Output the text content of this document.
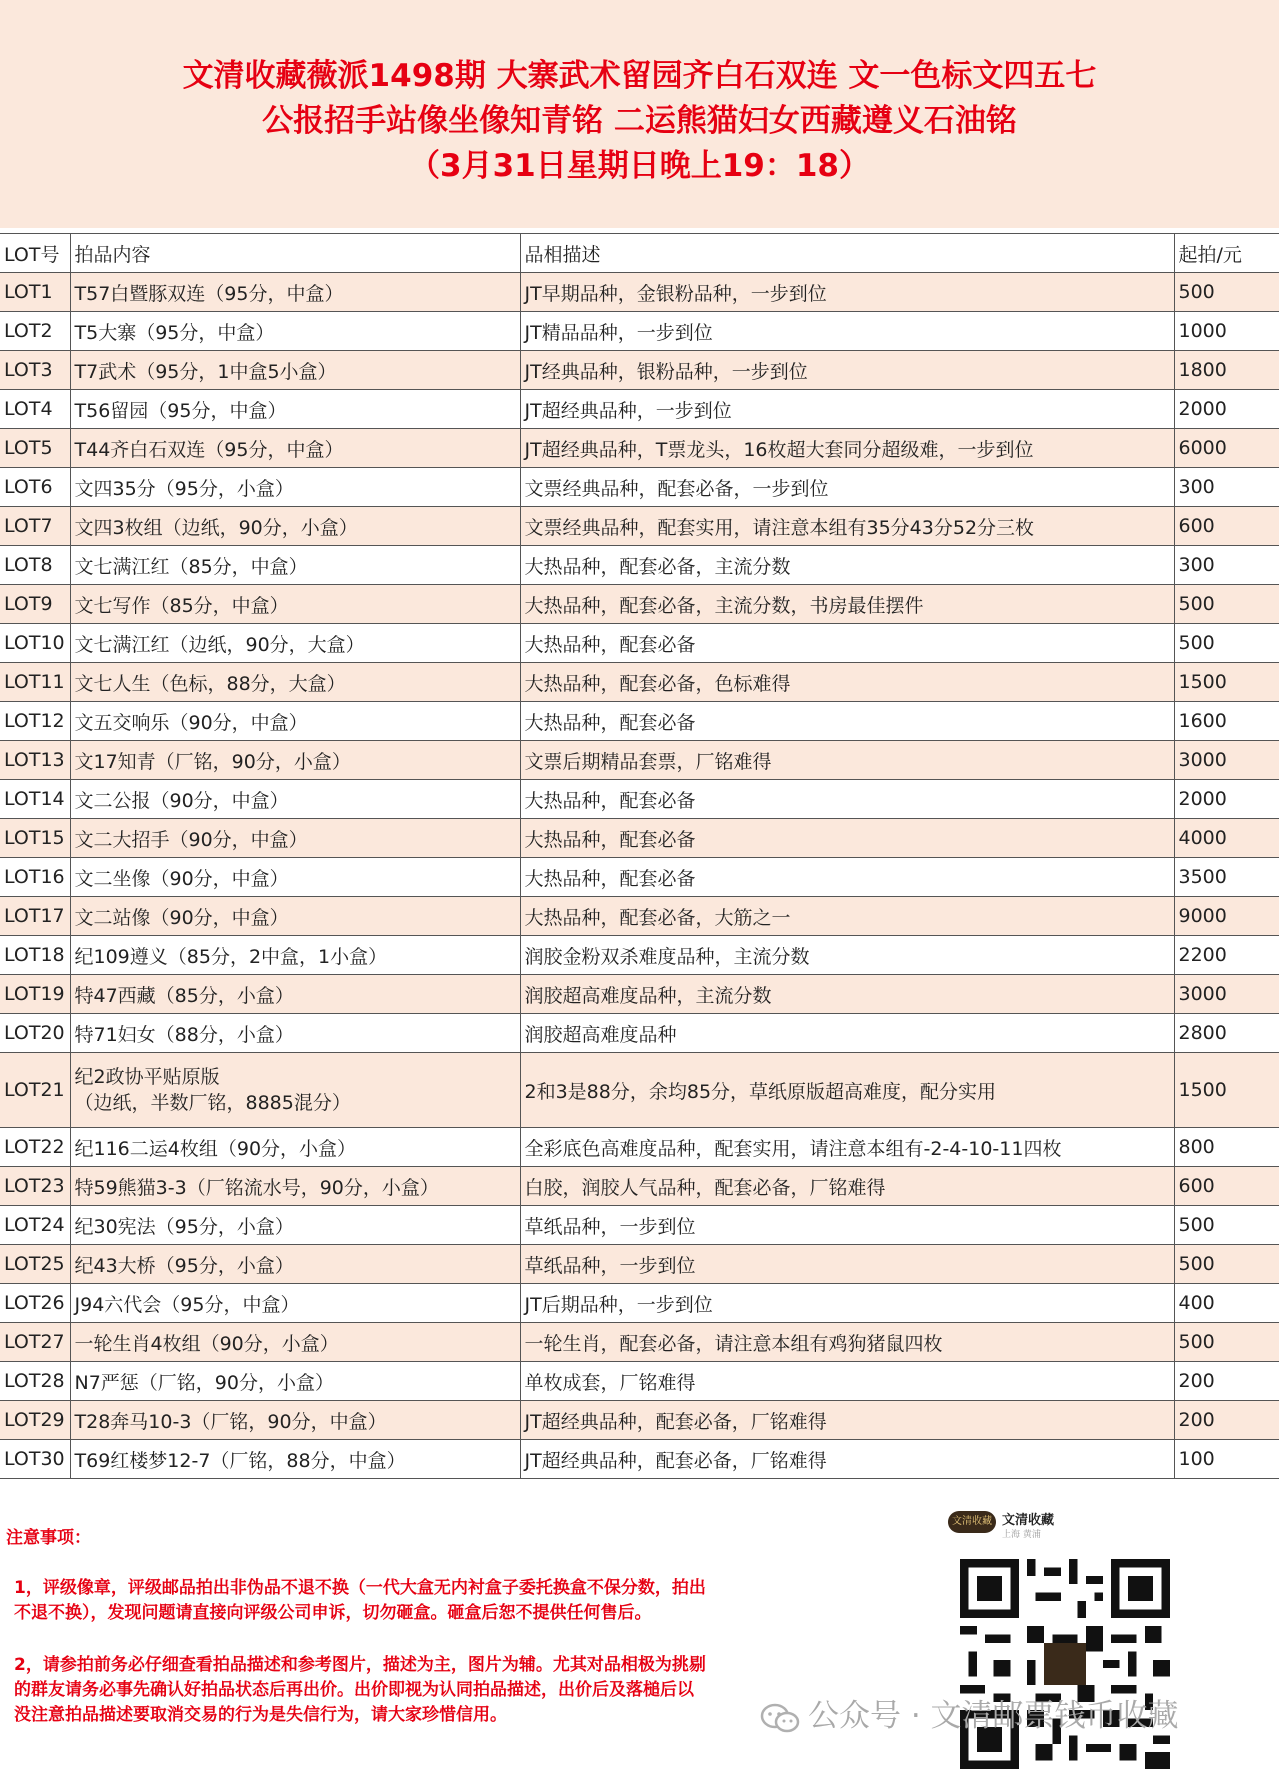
文清收藏薇派1498期 大寨武术留园齐白石双连 文一色标文四五七
公报招手站像坐像知青铭 二运熊猫妇女西藏遵义石油铭
（3月31日星期日晚上19：18）
LOT号	拍品内容	品相描述	起拍/元
LOT1	T57白暨豚双连（95分，中盒）	JT早期品种，金银粉品种，一步到位	500
LOT2	T5大寨（95分，中盒）	JT精品品种，一步到位	1000
LOT3	T7武术（95分，1中盒5小盒）	JT经典品种，银粉品种，一步到位	1800
LOT4	T56留园（95分，中盒）	JT超经典品种，一步到位	2000
LOT5	T44齐白石双连（95分，中盒）	JT超经典品种，T票龙头，16枚超大套同分超级难，一步到位	6000
LOT6	文四35分（95分，小盒）	文票经典品种，配套必备，一步到位	300
LOT7	文四3枚组（边纸，90分，小盒）	文票经典品种，配套实用，请注意本组有35分43分52分三枚	600
LOT8	文七满江红（85分，中盒）	大热品种，配套必备，主流分数	300
LOT9	文七写作（85分，中盒）	大热品种，配套必备，主流分数，书房最佳摆件	500
LOT10	文七满江红（边纸，90分，大盒）	大热品种，配套必备	500
LOT11	文七人生（色标，88分，大盒）	大热品种，配套必备，色标难得	1500
LOT12	文五交响乐（90分，中盒）	大热品种，配套必备	1600
LOT13	文17知青（厂铭，90分，小盒）	文票后期精品套票，厂铭难得	3000
LOT14	文二公报（90分，中盒）	大热品种，配套必备	2000
LOT15	文二大招手（90分，中盒）	大热品种，配套必备	4000
LOT16	文二坐像（90分，中盒）	大热品种，配套必备	3500
LOT17	文二站像（90分，中盒）	大热品种，配套必备，大筋之一	9000
LOT18	纪109遵义（85分，2中盒，1小盒）	润胶金粉双杀难度品种，主流分数	2200
LOT19	特47西藏（85分，小盒）	润胶超高难度品种，主流分数	3000
LOT20	特71妇女（88分，小盒）	润胶超高难度品种	2800
LOT21	纪2政协平贴原版
（边纸，半数厂铭，8885混分）	2和3是88分，余均85分，草纸原版超高难度，配分实用	1500
LOT22	纪116二运4枚组（90分，小盒）	全彩底色高难度品种，配套实用，请注意本组有-2-4-10-11四枚	800
LOT23	特59熊猫3-3（厂铭流水号，90分，小盒）	白胶，润胶人气品种，配套必备，厂铭难得	600
LOT24	纪30宪法（95分，小盒）	草纸品种，一步到位	500
LOT25	纪43大桥（95分，小盒）	草纸品种，一步到位	500
LOT26	J94六代会（95分，中盒）	JT后期品种，一步到位	400
LOT27	一轮生肖4枚组（90分，小盒）	一轮生肖，配套必备，请注意本组有鸡狗猪鼠四枚	500
LOT28	N7严惩（厂铭，90分，小盒）	单枚成套，厂铭难得	200
LOT29	T28奔马10-3（厂铭，90分，中盒）	JT超经典品种，配套必备，厂铭难得	200
LOT30	T69红楼梦12-7（厂铭，88分，中盒）	JT超经典品种，配套必备，厂铭难得	100
注意事项：
1，评级像章，评级邮品拍出非伪品不退不换（一代大盒无内衬盒子委托换盒不保分数，拍出
不退不换），发现问题请直接向评级公司申诉，切勿砸盒。砸盒后恕不提供任何售后。
2，请参拍前务必仔细查看拍品描述和参考图片，描述为主，图片为辅。尤其对品相极为挑剔
的群友请务必事先确认好拍品状态后再出价。出价即视为认同拍品描述，出价后及落槌后以
没注意拍品描述要取消交易的行为是失信行为，请大家珍惜信用。
文清收藏 文清收藏
上海 黄浦
公众号 · 文清邮票钱币收藏
